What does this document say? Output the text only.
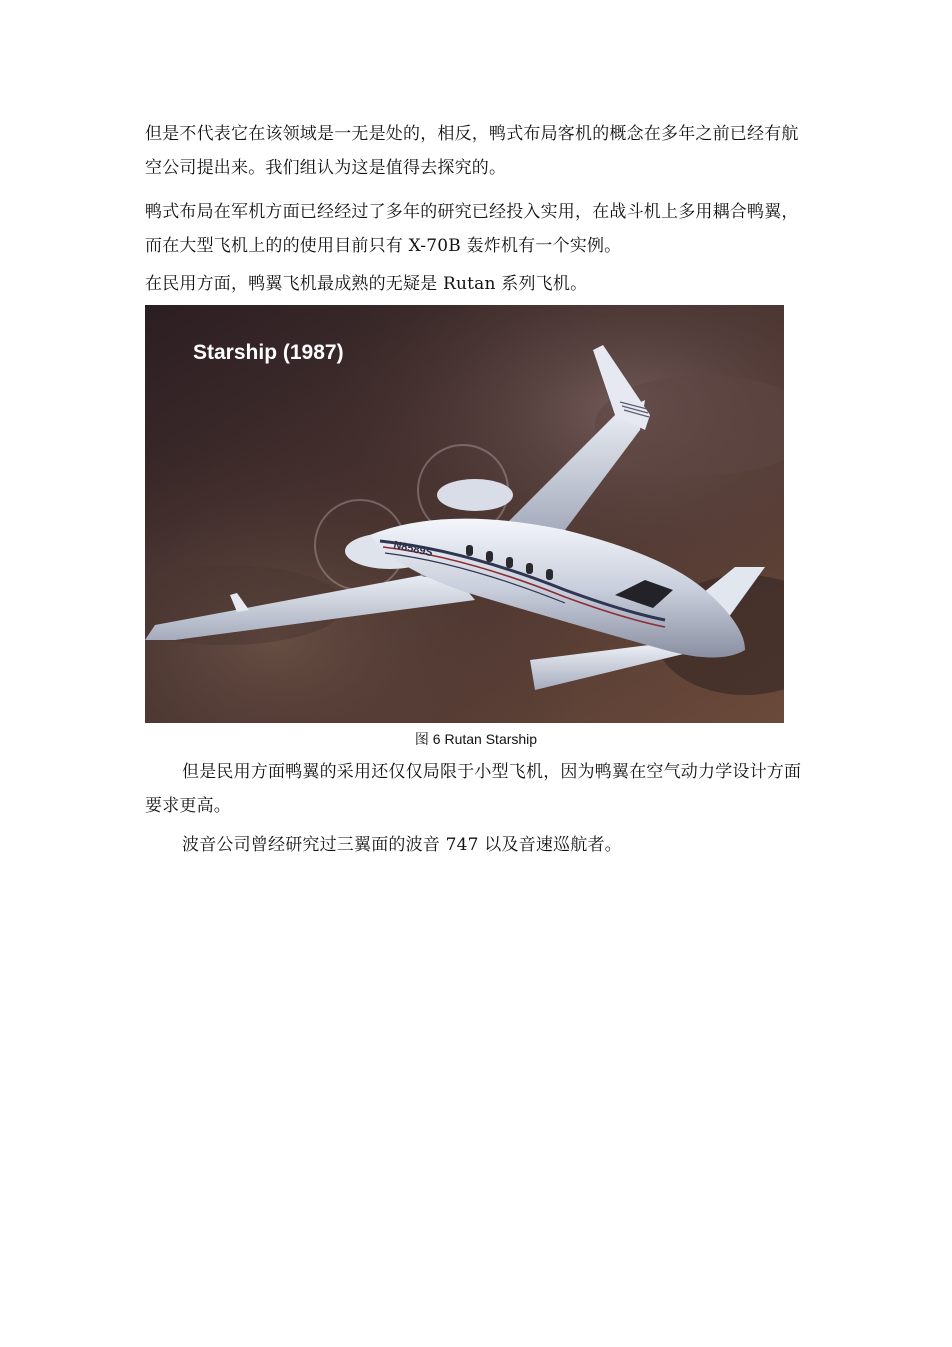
但是不代表它在该领域是一无是处的，相反，鸭式布局客机的概念在多年之前已经有航空公司提出来。我们组认为这是值得去探究的。

鸭式布局在军机方面已经经过了多年的研究已经投入实用，在战斗机上多用耦合鸭翼，而在大型飞机上的的使用目前只有 X-70B 轰炸机有一个实例。

在民用方面，鸭翼飞机最成熟的无疑是 Rutan 系列飞机。

N8589S
Starship (1987)
图 6 Rutan Starship

但是民用方面鸭翼的采用还仅仅局限于小型飞机，因为鸭翼在空气动力学设计方面要求更高。

波音公司曾经研究过三翼面的波音 747 以及音速巡航者。
